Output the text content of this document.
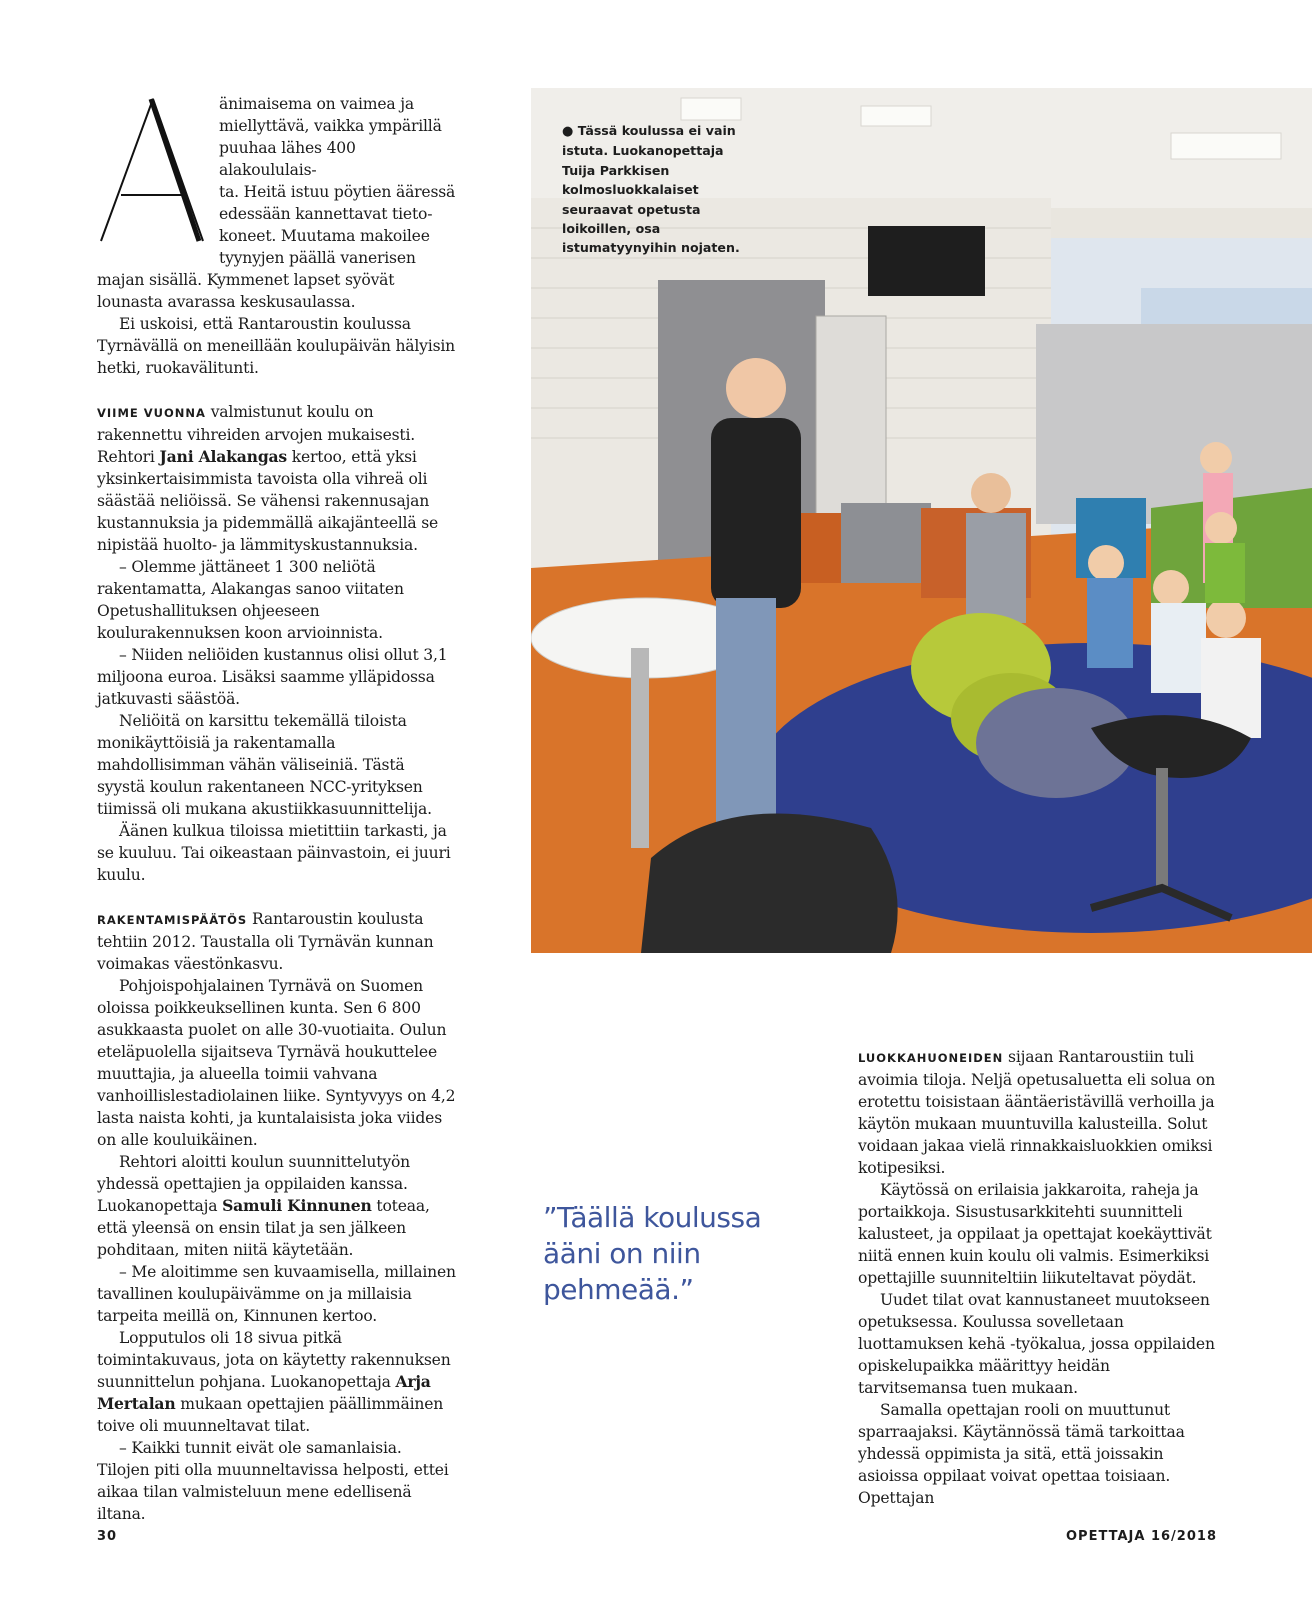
änimaisema on vaimea ja
miellyttävä, vaikka ympärillä
puuhaa lähes 400 alakoululais-
ta. Heitä istuu pöytien ääressä
edessään kannettavat tieto-
koneet. Muutama makoilee
tyynyjen päällä vanerisen

majan sisällä. Kymmenet lapset syövät lounasta avarassa keskusaulassa.

Ei uskoisi, että Rantaroustin koulussa Tyrnävällä on meneillään koulupäivän hälyisin hetki, ruokavälitunti.

VIIME VUONNA valmistunut koulu on rakennettu vihreiden arvojen mukaisesti. Rehtori Jani Alakangas kertoo, että yksi yksinkertaisimmista tavoista olla vihreä oli säästää neliöissä. Se vähensi rakennusajan kustannuksia ja pidemmällä aikajänteellä se nipistää huolto- ja lämmityskustannuksia.

– Olemme jättäneet 1 300 neliötä rakentamatta, Alakangas sanoo viitaten Opetushallituksen ohjeeseen koulurakennuksen koon arvioinnista.

– Niiden neliöiden kustannus olisi ollut 3,1 miljoona euroa. Lisäksi saamme ylläpidossa jatkuvasti säästöä.

Neliöitä on karsittu tekemällä tiloista monikäyttöisiä ja rakentamalla mahdollisimman vähän väliseiniä. Tästä syystä koulun rakentaneen NCC-yrityksen tiimissä oli mukana akustiikkasuunnittelija.

Äänen kulkua tiloissa mietittiin tarkasti, ja se kuuluu. Tai oikeastaan päinvastoin, ei juuri kuulu.

RAKENTAMISPÄÄTÖS Rantaroustin koulusta tehtiin 2012. Taustalla oli Tyrnävän kunnan voimakas väestönkasvu.

Pohjoispohjalainen Tyrnävä on Suomen oloissa poikkeuksellinen kunta. Sen 6 800 asukkaasta puolet on alle 30-vuotiaita. Oulun eteläpuolella sijaitseva Tyrnävä houkuttelee muuttajia, ja alueella toimii vahvana vanhoillislestadiolainen liike. Syntyvyys on 4,2 lasta naista kohti, ja kuntalaisista joka viides on alle kouluikäinen.

Rehtori aloitti koulun suunnittelutyön yhdessä opettajien ja oppilaiden kanssa.

Luokanopettaja Samuli Kinnunen toteaa, että yleensä on ensin tilat ja sen jälkeen pohditaan, miten niitä käytetään.

– Me aloitimme sen kuvaamisella, millainen tavallinen koulupäivämme on ja millaisia tarpeita meillä on, Kinnunen kertoo.

Lopputulos oli 18 sivua pitkä toimintakuvaus, jota on käytetty rakennuksen suunnittelun pohjana. Luokanopettaja Arja Mertalan mukaan opettajien päällimmäinen toive oli muunneltavat tilat.

– Kaikki tunnit eivät ole samanlaisia. Tilojen piti olla muunneltavissa helposti, ettei aikaa tilan valmisteluun mene edellisenä iltana.

● Tässä koulussa ei vain istuta. Luokanopettaja Tuija Parkkisen kolmosluokkalaiset seuraavat opetusta loikoillen, osa istumatyynyihin nojaten.
”Täällä koulussa ääni on niin pehmeää.”

LUOKKAHUONEIDEN sijaan Rantaroustiin tuli avoimia tiloja. Neljä opetusaluetta eli solua on erotettu toisistaan ääntäeristävillä verhoilla ja käytön mukaan muuntuvilla kalusteilla. Solut voidaan jakaa vielä rinnakkaisluokkien omiksi kotipesiksi.

Käytössä on erilaisia jakkaroita, raheja ja portaikkoja. Sisustusarkkitehti suunnitteli kalusteet, ja oppilaat ja opettajat koekäyttivät niitä ennen kuin koulu oli valmis. Esimerkiksi opettajille suunniteltiin liikuteltavat pöydät.

Uudet tilat ovat kannustaneet muutokseen opetuksessa. Koulussa sovelletaan luottamuksen kehä -työkalua, jossa oppilaiden opiskelupaikka määrittyy heidän tarvitsemansa tuen mukaan.

Samalla opettajan rooli on muuttunut sparraajaksi. Käytännössä tämä tarkoittaa yhdessä oppimista ja sitä, että joissakin asioissa oppilaat voivat opettaa toisiaan. Opettajan

30	OPETTAJA 16/2018
